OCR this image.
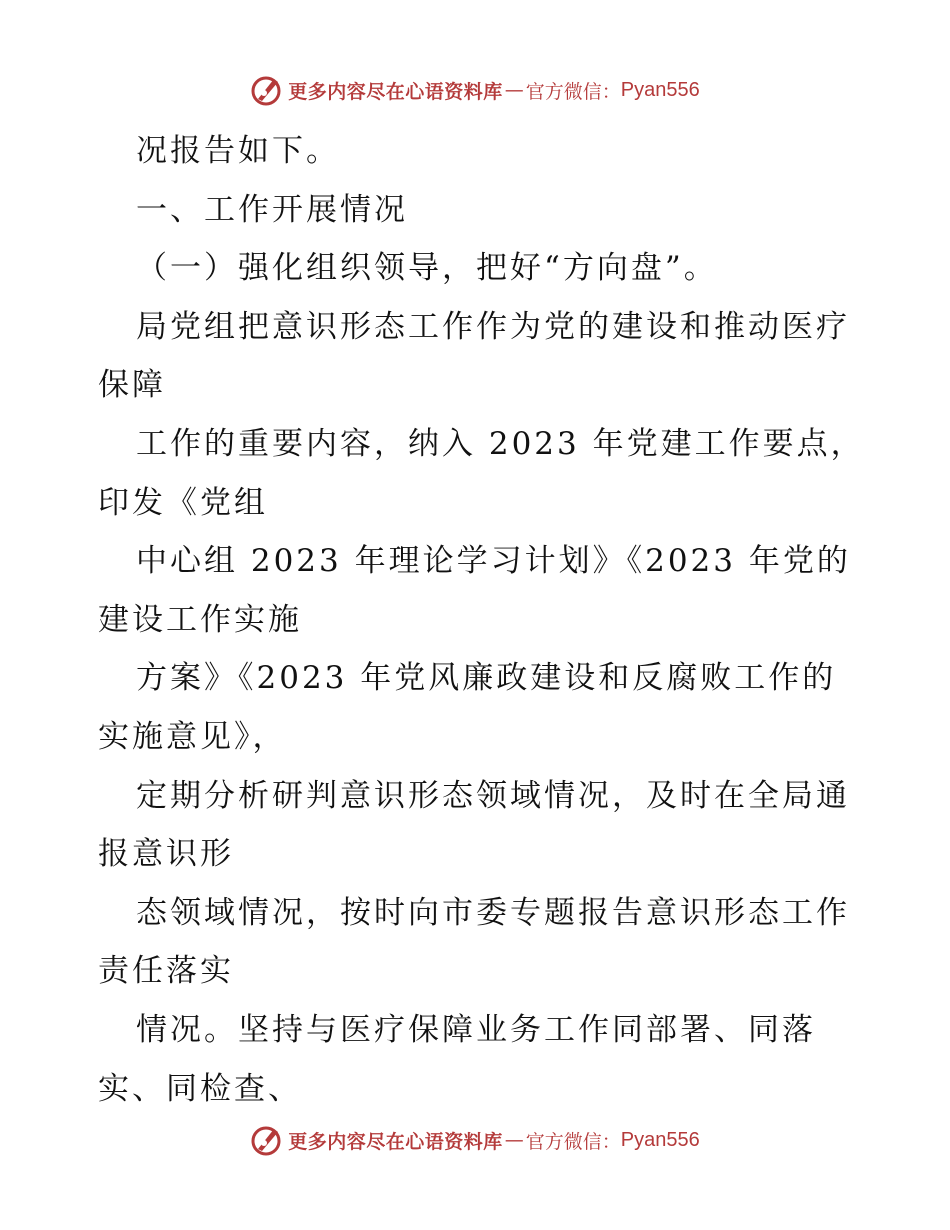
更多内容尽在心语资料库 — 官方微信： Pyan556
况报告如下。
一、工作开展情况
（一）强化组织领导，把好“方向盘”。
局党组把意识形态工作作为党的建设和推动医疗
保障
工作的重要内容，纳入 2023 年党建工作要点，
印发《党组
中心组 2023 年理论学习计划》《2023 年党的
建设工作实施
方案》《2023 年党风廉政建设和反腐败工作的
实施意见》，
定期分析研判意识形态领域情况，及时在全局通
报意识形
态领域情况，按时向市委专题报告意识形态工作
责任落实
情况。坚持与医疗保障业务工作同部署、同落
实、同检查、
更多内容尽在心语资料库 — 官方微信： Pyan556
